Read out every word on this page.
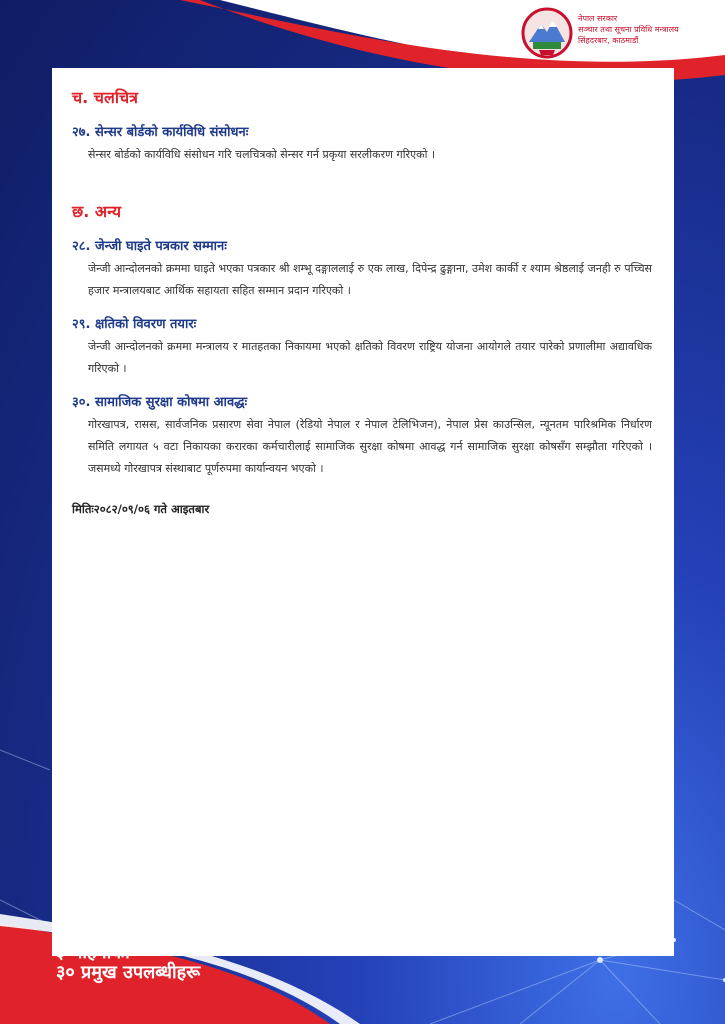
नेपाल सरकार
सञ्चार तथा सूचना प्रविधि मन्त्रालय
सिंहदरबार, काठमाडौं
च. चलचित्र
२७. सेन्सर बोर्डको कार्यविधि संसोधनः
सेन्सर बोर्डको कार्यविधि संसोधन गरि चलचित्रको सेन्सर गर्न प्रकृया सरलीकरण गरिएको ।
छ. अन्य
२८. जेन्जी घाइते पत्रकार सम्मानः
जेन्जी आन्दोलनको क्रममा घाइते भएका पत्रकार श्री शम्भू दङ्गाललाई रु एक लाख, दिपेन्द्र ढुङ्गाना, उमेश कार्की र श्याम श्रेष्ठलाई जनही रु पच्चिस हजार मन्त्रालयबाट आर्थिक सहायता सहित सम्मान प्रदान गरिएको ।
२९. क्षतिको विवरण तयारः
जेन्जी आन्दोलनको क्रममा मन्त्रालय र मातहतका निकायमा भएको क्षतिको विवरण राष्ट्रिय योजना आयोगले तयार पारेको प्रणालीमा अद्यावधिक गरिएको ।
३०. सामाजिक सुरक्षा कोषमा आवद्धः
गोरखापत्र, रासस, सार्वजनिक प्रसारण सेवा नेपाल (रेडियो नेपाल र नेपाल टेलिभिजन), नेपाल प्रेस काउन्सिल, न्यूनतम पारिश्रमिक निर्धारण समिति लगायत ५ वटा निकायका करारका कर्मचारीलाई सामाजिक सुरक्षा कोषमा आवद्ध गर्न सामाजिक सुरक्षा कोषसँग सम्झौता गरिएको । जसमध्ये गोरखापत्र संस्थाबाट पूर्णरुपमा कार्यान्वयन भएको ।
मितिः२०८२/०९/०६ गते आइतबार
३ महिनाको
३० प्रमुख उपलब्धीहरू
